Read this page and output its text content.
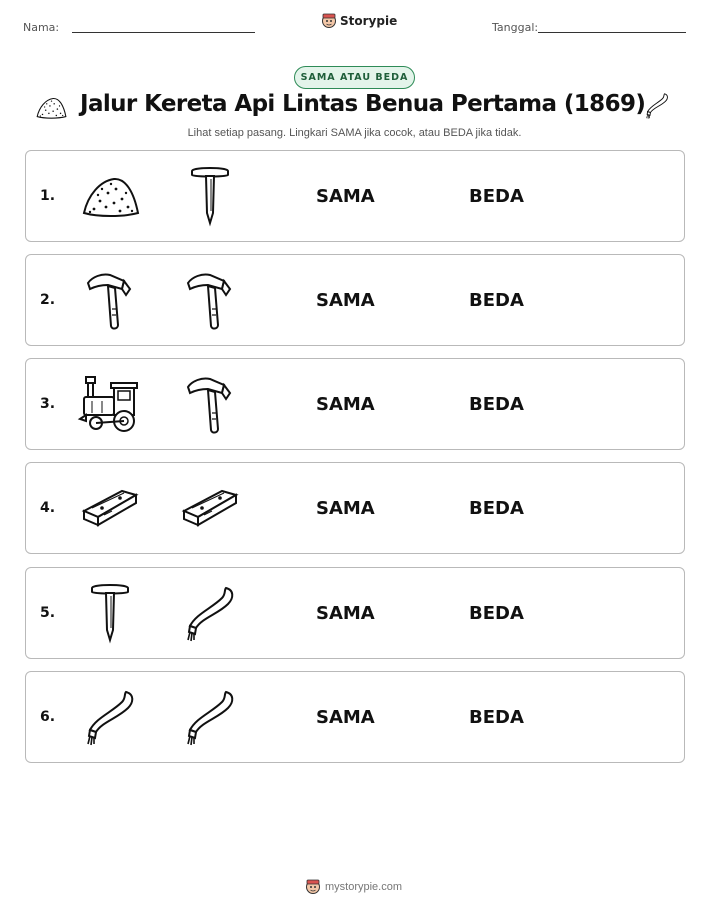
Nama:	Storypie	Tanggal:
SAMA ATAU BEDA
Jalur Kereta Api Lintas Benua Pertama (1869)
Lihat setiap pasang. Lingkari SAMA jika cocok, atau BEDA jika tidak.
1.	SAMA	BEDA
2.	SAMA	BEDA
3.	SAMA	BEDA
4.	SAMA	BEDA
5.	SAMA	BEDA
6.	SAMA	BEDA
mystorypie.com
